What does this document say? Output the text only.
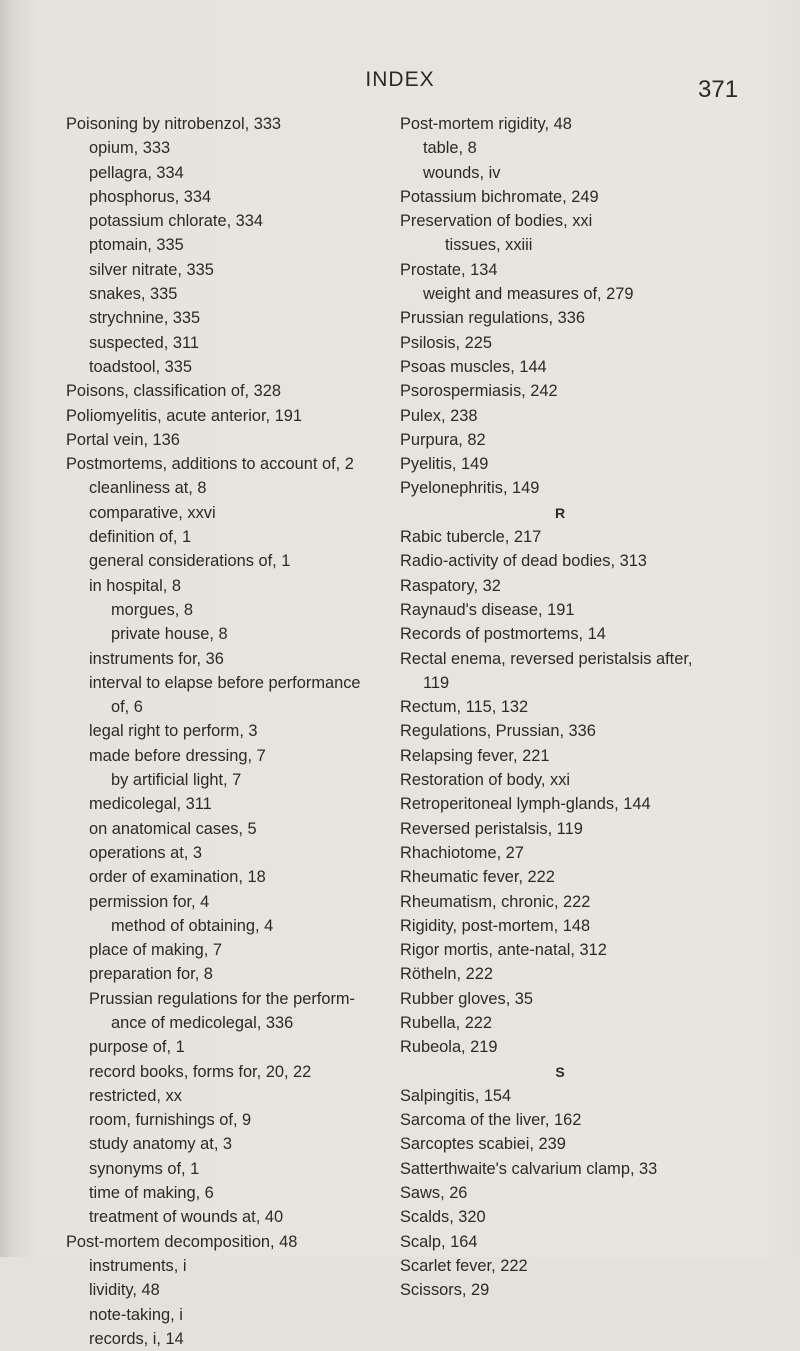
INDEX	371
Poisoning by nitrobenzol, 333
opium, 333
pellagra, 334
phosphorus, 334
potassium chlorate, 334
ptomain, 335
silver nitrate, 335
snakes, 335
strychnine, 335
suspected, 311
toadstool, 335
Poisons, classification of, 328
Poliomyelitis, acute anterior, 191
Portal vein, 136
Postmortems, additions to account of, 2
cleanliness at, 8
comparative, xxvi
definition of, 1
general considerations of, 1
in hospital, 8
morgues, 8
private house, 8
instruments for, 36
interval to elapse before performance
of, 6
legal right to perform, 3
made before dressing, 7
by artificial light, 7
medicolegal, 311
on anatomical cases, 5
operations at, 3
order of examination, 18
permission for, 4
method of obtaining, 4
place of making, 7
preparation for, 8
Prussian regulations for the perform-
ance of medicolegal, 336
purpose of, 1
record books, forms for, 20, 22
restricted, xx
room, furnishings of, 9
study anatomy at, 3
synonyms of, 1
time of making, 6
treatment of wounds at, 40
Post-mortem decomposition, 48
instruments, i
lividity, 48
note-taking, i
records, i, 14
Post-mortem rigidity, 48
table, 8
wounds, iv
Potassium bichromate, 249
Preservation of bodies, xxi
tissues, xxiii
Prostate, 134
weight and measures of, 279
Prussian regulations, 336
Psilosis, 225
Psoas muscles, 144
Psorospermiasis, 242
Pulex, 238
Purpura, 82
Pyelitis, 149
Pyelonephritis, 149
R
Rabic tubercle, 217
Radio-activity of dead bodies, 313
Raspatory, 32
Raynaud's disease, 191
Records of postmortems, 14
Rectal enema, reversed peristalsis after,
119
Rectum, 115, 132
Regulations, Prussian, 336
Relapsing fever, 221
Restoration of body, xxi
Retroperitoneal lymph-glands, 144
Reversed peristalsis, 119
Rhachiotome, 27
Rheumatic fever, 222
Rheumatism, chronic, 222
Rigidity, post-mortem, 148
Rigor mortis, ante-natal, 312
Rötheln, 222
Rubber gloves, 35
Rubella, 222
Rubeola, 219
S
Salpingitis, 154
Sarcoma of the liver, 162
Sarcoptes scabiei, 239
Satterthwaite's calvarium clamp, 33
Saws, 26
Scalds, 320
Scalp, 164
Scarlet fever, 222
Scissors, 29
